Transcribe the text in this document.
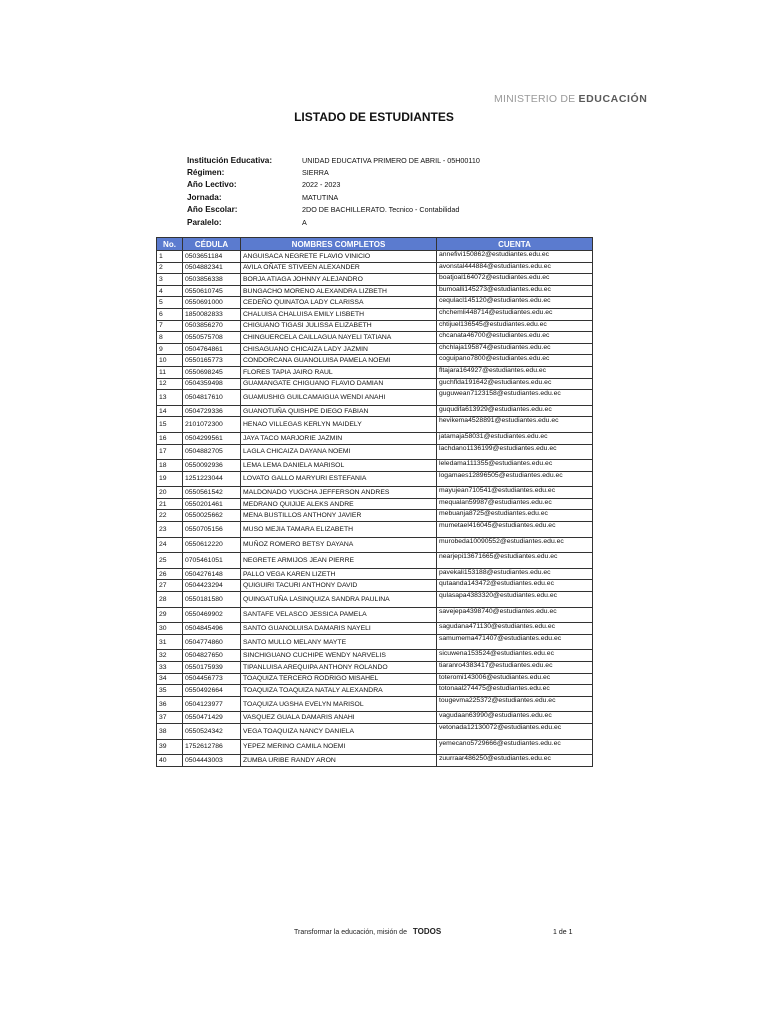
MINISTERIO DE EDUCACIÓN
LISTADO DE ESTUDIANTES
Institución Educativa:	UNIDAD EDUCATIVA PRIMERO DE ABRIL - 05H00110
Régimen:	SIERRA
Año Lectivo:	2022 - 2023
Jornada:	MATUTINA
Año Escolar:	2DO DE BACHILLERATO. Tecnico - Contabilidad
Paralelo:	A
No.	CÉDULA	NOMBRES COMPLETOS	CUENTA
1	0503651184	ANGUISACA NEGRETE FLAVIO VINICIO	annefivi150862@estudiantes.edu.ec
2	0504882341	AVILA OÑATE STIVEEN ALEXANDER	avonstal444884@estudiantes.edu.ec
3	0503856338	BORJA ATIAGA JOHNNY ALEJANDRO	boatjoal164072@estudiantes.edu.ec
4	0550610745	BUNGACHO MORENO ALEXANDRA LIZBETH	bumoalli145273@estudiantes.edu.ec
5	0550691000	CEDEÑO QUINATOA LADY CLARISSA	cequlacl145120@estudiantes.edu.ec
6	1850082833	CHALUISA CHALUISA EMILY LISBETH	chchemli448714@estudiantes.edu.ec
7	0503856270	CHIGUANO TIGASI JULISSA ELIZABETH	chtijuel136545@estudiantes.edu.ec
8	0550575708	CHINGUERCELA CAILLAGUA NAYELI TATIANA	chcanata46700@estudiantes.edu.ec
9	0504764861	CHISAGUANO CHICAIZA LADY JAZMIN	chchlaja195874@estudiantes.edu.ec
10	0550165773	CONDORCANA GUANOLUISA PAMELA NOEMI	coguipano7800@estudiantes.edu.ec
11	0550698245	FLORES TAPIA JAIRO RAUL	fltajara164927@estudiantes.edu.ec
12	0504359498	GUAMANGATE CHIGUANO FLAVIO DAMIAN	guchflda191642@estudiantes.edu.ec
13	0504817610	GUAMUSHIG GUILCAMAIGUA WENDI ANAHI	guguwean7123158@estudiantes.edu.ec
14	0504729336	GUANOTUÑA QUISHPE DIEGO FABIAN	guqudifa613929@estudiantes.edu.ec
15	2101072300	HENAO VILLEGAS KERLYN MAIDELY	hevikema4528891@estudiantes.edu.ec
16	0504299561	JAYA TACO MARJORIE JAZMIN	jatamaja58031@estudiantes.edu.ec
17	0504882705	LAGLA CHICAIZA DAYANA NOEMI	lachdano1136199@estudiantes.edu.ec
18	0550092936	LEMA LEMA DANIELA MARISOL	leledama111355@estudiantes.edu.ec
19	1251223044	LOVATO GALLO MARYURI ESTEFANIA	logamaes12896505@estudiantes.edu.ec
20	0550561542	MALDONADO YUGCHA JEFFERSON ANDRES	mayujean710541@estudiantes.edu.ec
21	0550201461	MEDRANO QUIJIJE ALEKS ANDRE	mequalan59987@estudiantes.edu.ec
22	0550025662	MENA BUSTILLOS ANTHONY JAVIER	mebuanja8725@estudiantes.edu.ec
23	0550705156	MUSO MEJIA TAMARA ELIZABETH	mumetael416045@estudiantes.edu.ec
24	0550612220	MUÑOZ ROMERO BETSY DAYANA	murobeda10090552@estudiantes.edu.ec
25	0705461051	NEGRETE ARMIJOS JEAN PIERRE	nearjepi13671665@estudiantes.edu.ec
26	0504276148	PALLO VEGA KAREN LIZETH	pavekali153188@estudiantes.edu.ec
27	0504423294	QUIGUIRI TACURI ANTHONY DAVID	qutaanda143472@estudiantes.edu.ec
28	0550181580	QUINGATUÑA LASINQUIZA SANDRA PAULINA	qulasapa4383320@estudiantes.edu.ec
29	0550469902	SANTAFE VELASCO JESSICA PAMELA	savejepa4398740@estudiantes.edu.ec
30	0504845496	SANTO GUANOLUISA DAMARIS NAYELI	sagudana471130@estudiantes.edu.ec
31	0504774860	SANTO MULLO MELANY MAYTE	samumema471407@estudiantes.edu.ec
32	0504827650	SINCHIGUANO CUCHIPE WENDY NARVELIS	sicuwena153524@estudiantes.edu.ec
33	0550175939	TIPANLUISA AREQUIPA ANTHONY ROLANDO	tiaranro4383417@estudiantes.edu.ec
34	0504456773	TOAQUIZA TERCERO RODRIGO MISAHEL	toteromi143006@estudiantes.edu.ec
35	0550492664	TOAQUIZA TOAQUIZA NATALY ALEXANDRA	totonaal274475@estudiantes.edu.ec
36	0504123977	TOAQUIZA UGSHA EVELYN MARISOL	tougevma225372@estudiantes.edu.ec
37	0550471429	VASQUEZ GUALA DAMARIS ANAHI	vagudaan63990@estudiantes.edu.ec
38	0550524342	VEGA TOAQUIZA NANCY DANIELA	vetonada12130072@estudiantes.edu.ec
39	1752612786	YEPEZ MERINO CAMILA NOEMI	yemecano5729666@estudiantes.edu.ec
40	0504443003	ZUMBA URIBE RANDY ARON	zuurraar486250@estudiantes.edu.ec
Transformar la educación, misión de TODOS	1 de 1
